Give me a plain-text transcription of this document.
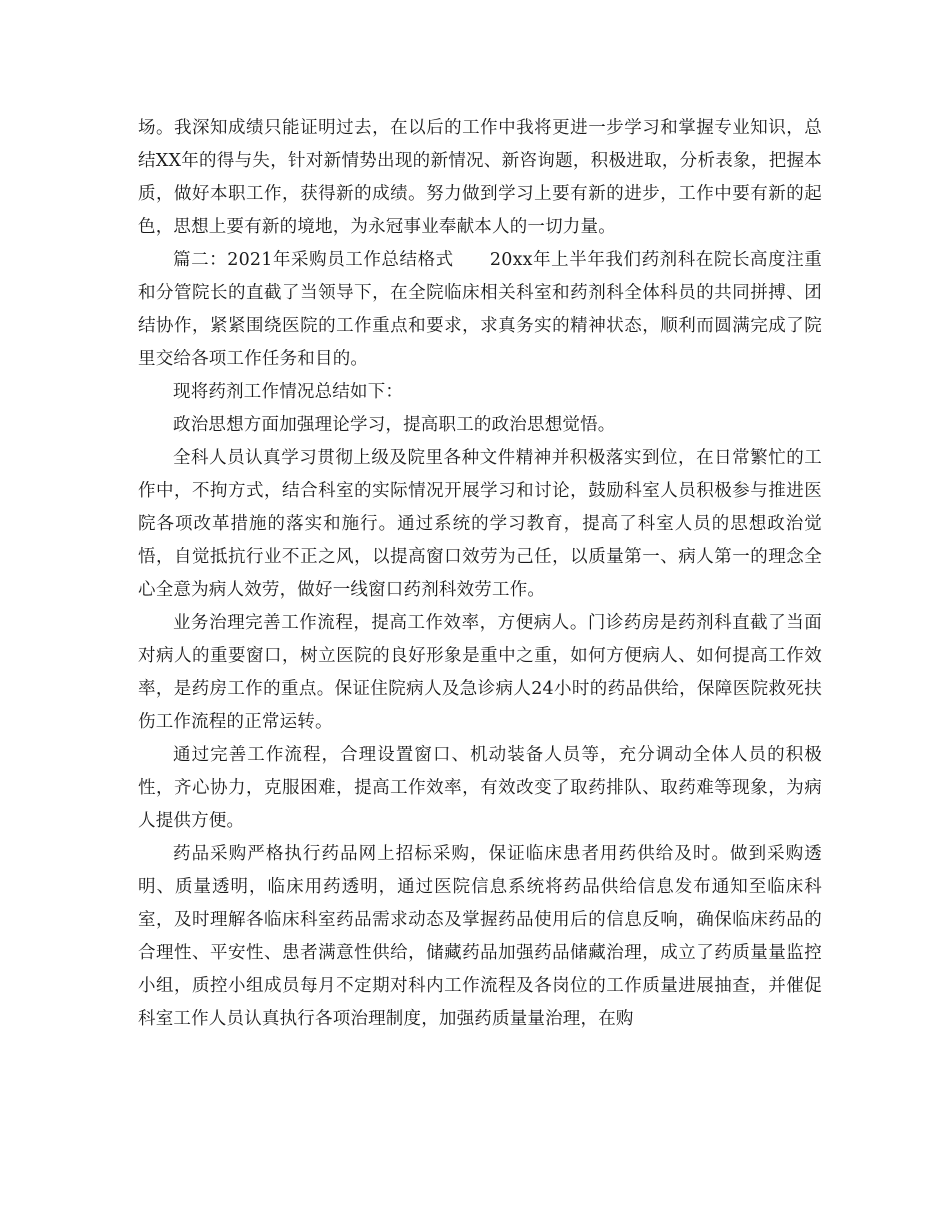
场。我深知成绩只能证明过去，在以后的工作中我将更进一步学习和掌握专业知识，总结XX年的得与失，针对新情势出现的新情况、新咨询题，积极进取，分析表象，把握本质，做好本职工作，获得新的成绩。努力做到学习上要有新的进步，工作中要有新的起色，思想上要有新的境地，为永冠事业奉献本人的一切力量。

篇二：2021年采购员工作总结格式　　20xx年上半年我们药剂科在院长高度注重和分管院长的直截了当领导下，在全院临床相关科室和药剂科全体科员的共同拼搏、团结协作，紧紧围绕医院的工作重点和要求，求真务实的精神状态，顺利而圆满完成了院里交给各项工作任务和目的。

现将药剂工作情况总结如下：

政治思想方面加强理论学习，提高职工的政治思想觉悟。

全科人员认真学习贯彻上级及院里各种文件精神并积极落实到位，在日常繁忙的工作中，不拘方式，结合科室的实际情况开展学习和讨论，鼓励科室人员积极参与推进医院各项改革措施的落实和施行。通过系统的学习教育，提高了科室人员的思想政治觉悟，自觉抵抗行业不正之风，以提高窗口效劳为己任，以质量第一、病人第一的理念全心全意为病人效劳，做好一线窗口药剂科效劳工作。

业务治理完善工作流程，提高工作效率，方便病人。门诊药房是药剂科直截了当面对病人的重要窗口，树立医院的良好形象是重中之重，如何方便病人、如何提高工作效率，是药房工作的重点。保证住院病人及急诊病人24小时的药品供给，保障医院救死扶伤工作流程的正常运转。

通过完善工作流程，合理设置窗口、机动装备人员等，充分调动全体人员的积极性，齐心协力，克服困难，提高工作效率，有效改变了取药排队、取药难等现象，为病人提供方便。

药品采购严格执行药品网上招标采购，保证临床患者用药供给及时。做到采购透明、质量透明，临床用药透明，通过医院信息系统将药品供给信息发布通知至临床科室，及时理解各临床科室药品需求动态及掌握药品使用后的信息反响，确保临床药品的合理性、平安性、患者满意性供给，储藏药品加强药品储藏治理，成立了药质量量监控小组，质控小组成员每月不定期对科内工作流程及各岗位的工作质量进展抽查，并催促科室工作人员认真执行各项治理制度，加强药质量量治理，在购
